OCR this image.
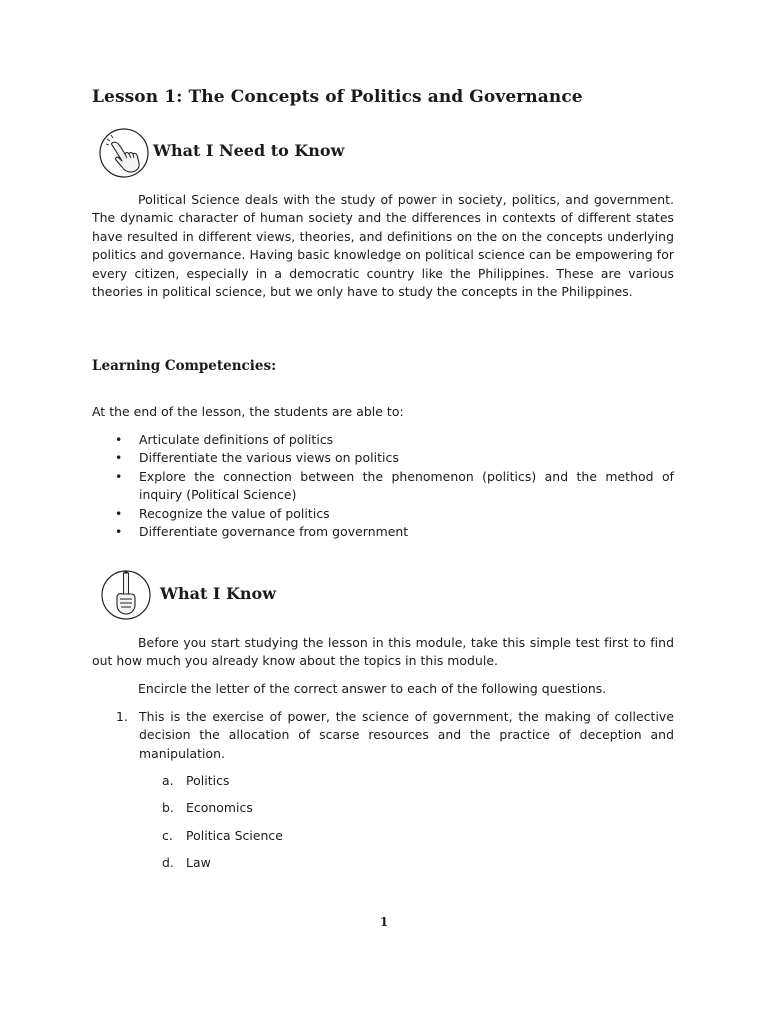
Lesson 1: The Concepts of Politics and Governance
What I Need to Know

Political Science deals with the study of power in society, politics, and government. The dynamic character of human society and the differences in contexts of different states have resulted in different views, theories, and definitions on the on the concepts underlying politics and governance. Having basic knowledge on political science can be empowering for every citizen, especially in a democratic country like the Philippines. These are various theories in political science, but we only have to study the concepts in the Philippines.

Learning Competencies:
At the end of the lesson, the students are able to:
• Articulate definitions of politics
• Differentiate the various views on politics
• Explore the connection between the phenomenon (politics) and the method of inquiry (Political Science)
• Recognize the value of politics
• Differentiate governance from government
What I Know

Before you start studying the lesson in this module, take this simple test first to find out how much you already know about the topics in this module.

Encircle the letter of the correct answer to each of the following questions.

1. This is the exercise of power, the science of government, the making of collective decision the allocation of scarse resources and the practice of deception and manipulation.
a. Politics
b. Economics
c. Politica Science
d. Law
1
